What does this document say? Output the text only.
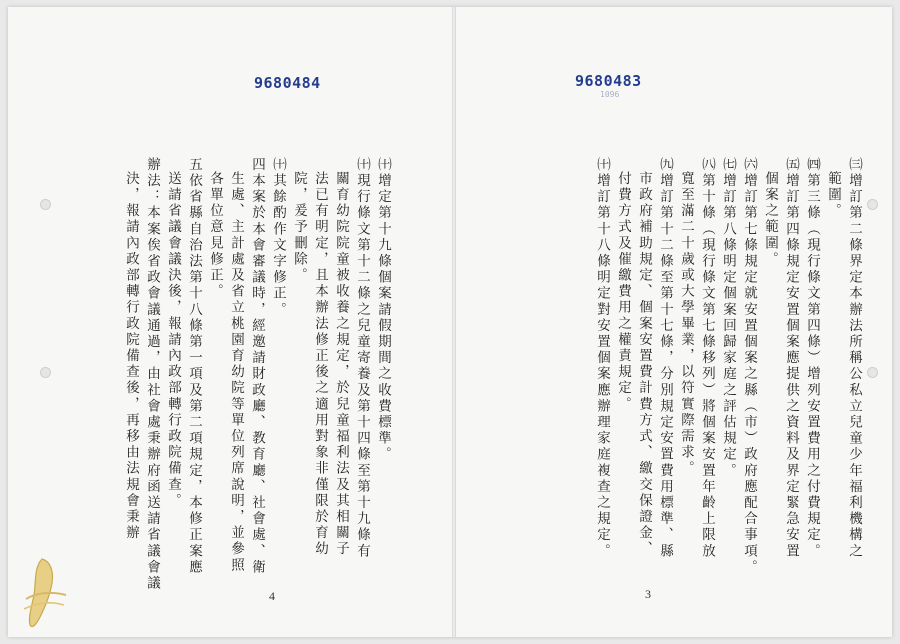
9680484
㈩增定第十九條個案請假期間之收費標準。
㈩現行條文第十二條之兒童寄養及第十四條至第十九條有
關育幼院院童被收養之規定，於兒童福利法及其相關子
法已有明定，且本辦法修正後之適用對象非僅限於育幼
院，爰予刪除。
㈩其餘酌作文字修正。
四本案於本會審議時，經邀請財政廳、教育廳、社會處、衛
生處、主計處及省立桃園育幼院等單位列席說明，並參照
各單位意見修正。
五依省縣自治法第十八條第一項及第二項規定，本修正案應
送請省議會議決後，報請內政部轉行政院備查。
辦法：本案俟省政會議通過，由社會處秉辦府函送請省議會議
決，報請內政部轉行政院備查後，再移由法規會秉辦
4
9680483
1096
㈢增訂第二條界定本辦法所稱公私立兒童少年福利機構之
範圍。
㈣第三條（現行條文第四條）增列安置費用之付費規定。
㈤增訂第四條規定安置個案應提供之資料及界定緊急安置
個案之範圍。
㈥增訂第七條規定就安置個案之縣（市）政府應配合事項。
㈦增訂第八條明定個案回歸家庭之評估規定。
㈧第十條（現行條文第七條移列）將個案安置年齡上限放
寬至滿二十歲或大學畢業，以符實際需求。
㈨增訂第十二條至第十七條，分別規定安置費用標準、縣
市政府補助規定、個案安置費計費方式、繳交保證金、
付費方式及催繳費用之權責規定。
㈩增訂第十八條明定對安置個案應辦理家庭複查之規定。
3
